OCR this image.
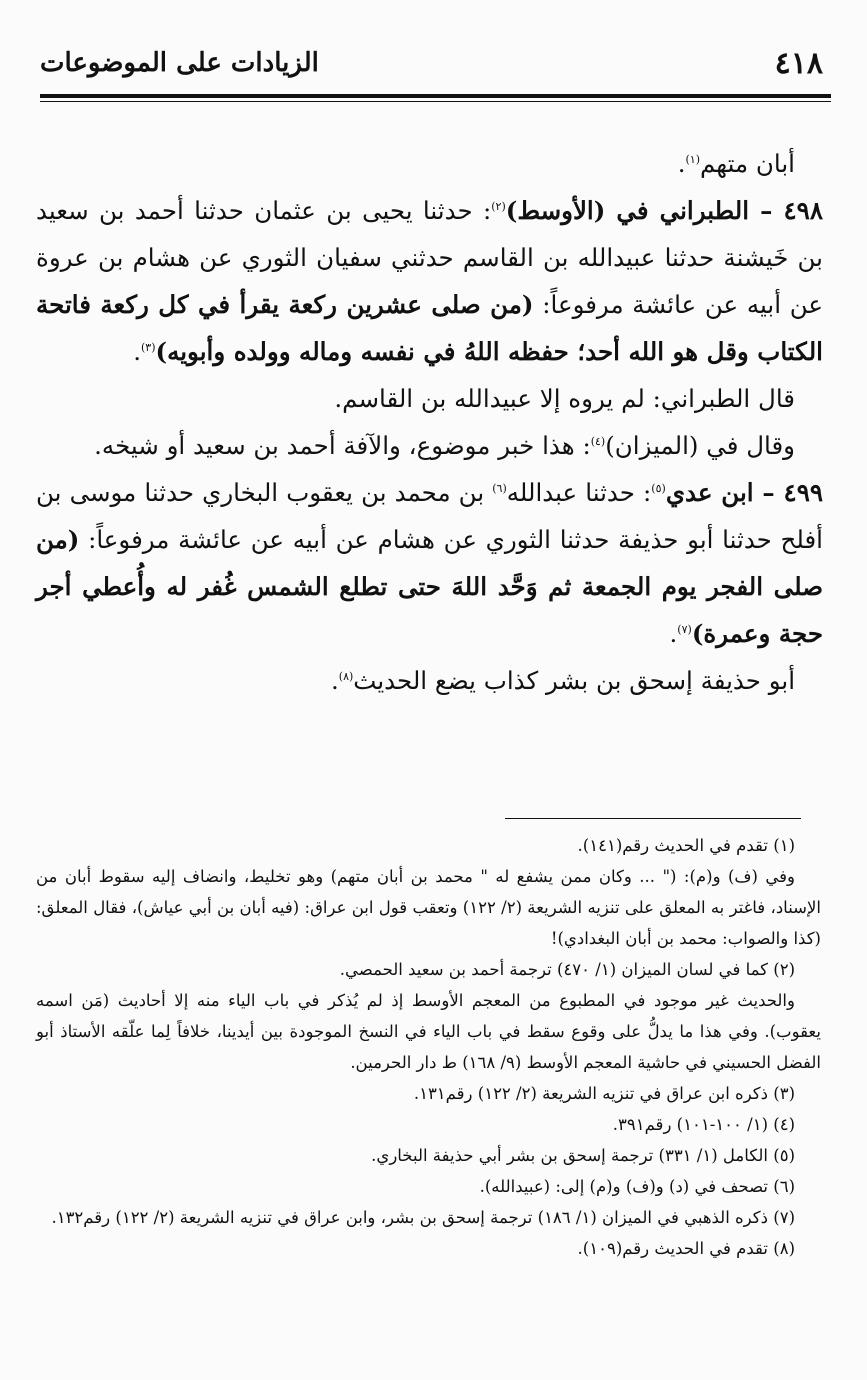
٤١٨
الزيادات على الموضوعات

أبان متهم$^{(١)}$.

٤٩٨ – الطبراني في (الأوسط)$^{(٢)}$: حدثنا يحيى بن عثمان حدثنا أحمد بن سعيد بن خَيشنة حدثنا عبيدالله بن القاسم حدثني سفيان الثوري عن هشام بن عروة عن أبيه عن عائشة مرفوعاً: (من صلى عشرين ركعة يقرأ في كل ركعة فاتحة الكتاب وقل هو الله أحد؛ حفظه اللهُ في نفسه وماله وولده وأبويه)$^{(٣)}$.

قال الطبراني: لم يروه إلا عبيدالله بن القاسم.

وقال في (الميزان)$^{(٤)}$: هذا خبر موضوع، والآفة أحمد بن سعيد أو شيخه.

٤٩٩ – ابن عدي$^{(٥)}$: حدثنا عبدالله$^{(٦)}$ بن محمد بن يعقوب البخاري حدثنا موسى بن أفلح حدثنا أبو حذيفة حدثنا الثوري عن هشام عن أبيه عن عائشة مرفوعاً: (من صلى الفجر يوم الجمعة ثم وَحَّد اللهَ حتى تطلع الشمس غُفر له وأُعطي أجر حجة وعمرة)$^{(٧)}$.

أبو حذيفة إسحق بن بشر كذاب يضع الحديث$^{(٨)}$.

(١) تقدم في الحديث رقم(١٤١).

وفي (ف) و(م): (" ... وكان ممن يشفع له " محمد بن أبان متهم) وهو تخليط، وانضاف إليه سقوط أبان من الإسناد، فاغتر به المعلق على تنزيه الشريعة (٢/ ١٢٢) وتعقب قول ابن عراق: (فيه أبان بن أبي عياش)، فقال المعلق: (كذا والصواب: محمد بن أبان البغدادي)!

(٢) كما في لسان الميزان (١/ ٤٧٠) ترجمة أحمد بن سعيد الحمصي.

والحديث غير موجود في المطبوع من المعجم الأوسط إذ لم يُذكر في باب الياء منه إلا أحاديث (مَن اسمه يعقوب). وفي هذا ما يدلُّ على وقوع سقط في باب الياء في النسخ الموجودة بين أيدينا، خلافاً لِما علّقه الأستاذ أبو الفضل الحسيني في حاشية المعجم الأوسط (٩/ ١٦٨) ط دار الحرمين.

(٣) ذكره ابن عراق في تنزيه الشريعة (٢/ ١٢٢) رقم١٣١.

(٤) (١/ ١٠٠-١٠١) رقم٣٩١.

(٥) الكامل (١/ ٣٣١) ترجمة إسحق بن بشر أبي حذيفة البخاري.

(٦) تصحف في (د) و(ف) و(م) إلى: (عبيدالله).

(٧) ذكره الذهبي في الميزان (١/ ١٨٦) ترجمة إسحق بن بشر، وابن عراق في تنزيه الشريعة (٢/ ١٢٢) رقم١٣٢.

(٨) تقدم في الحديث رقم(١٠٩).
